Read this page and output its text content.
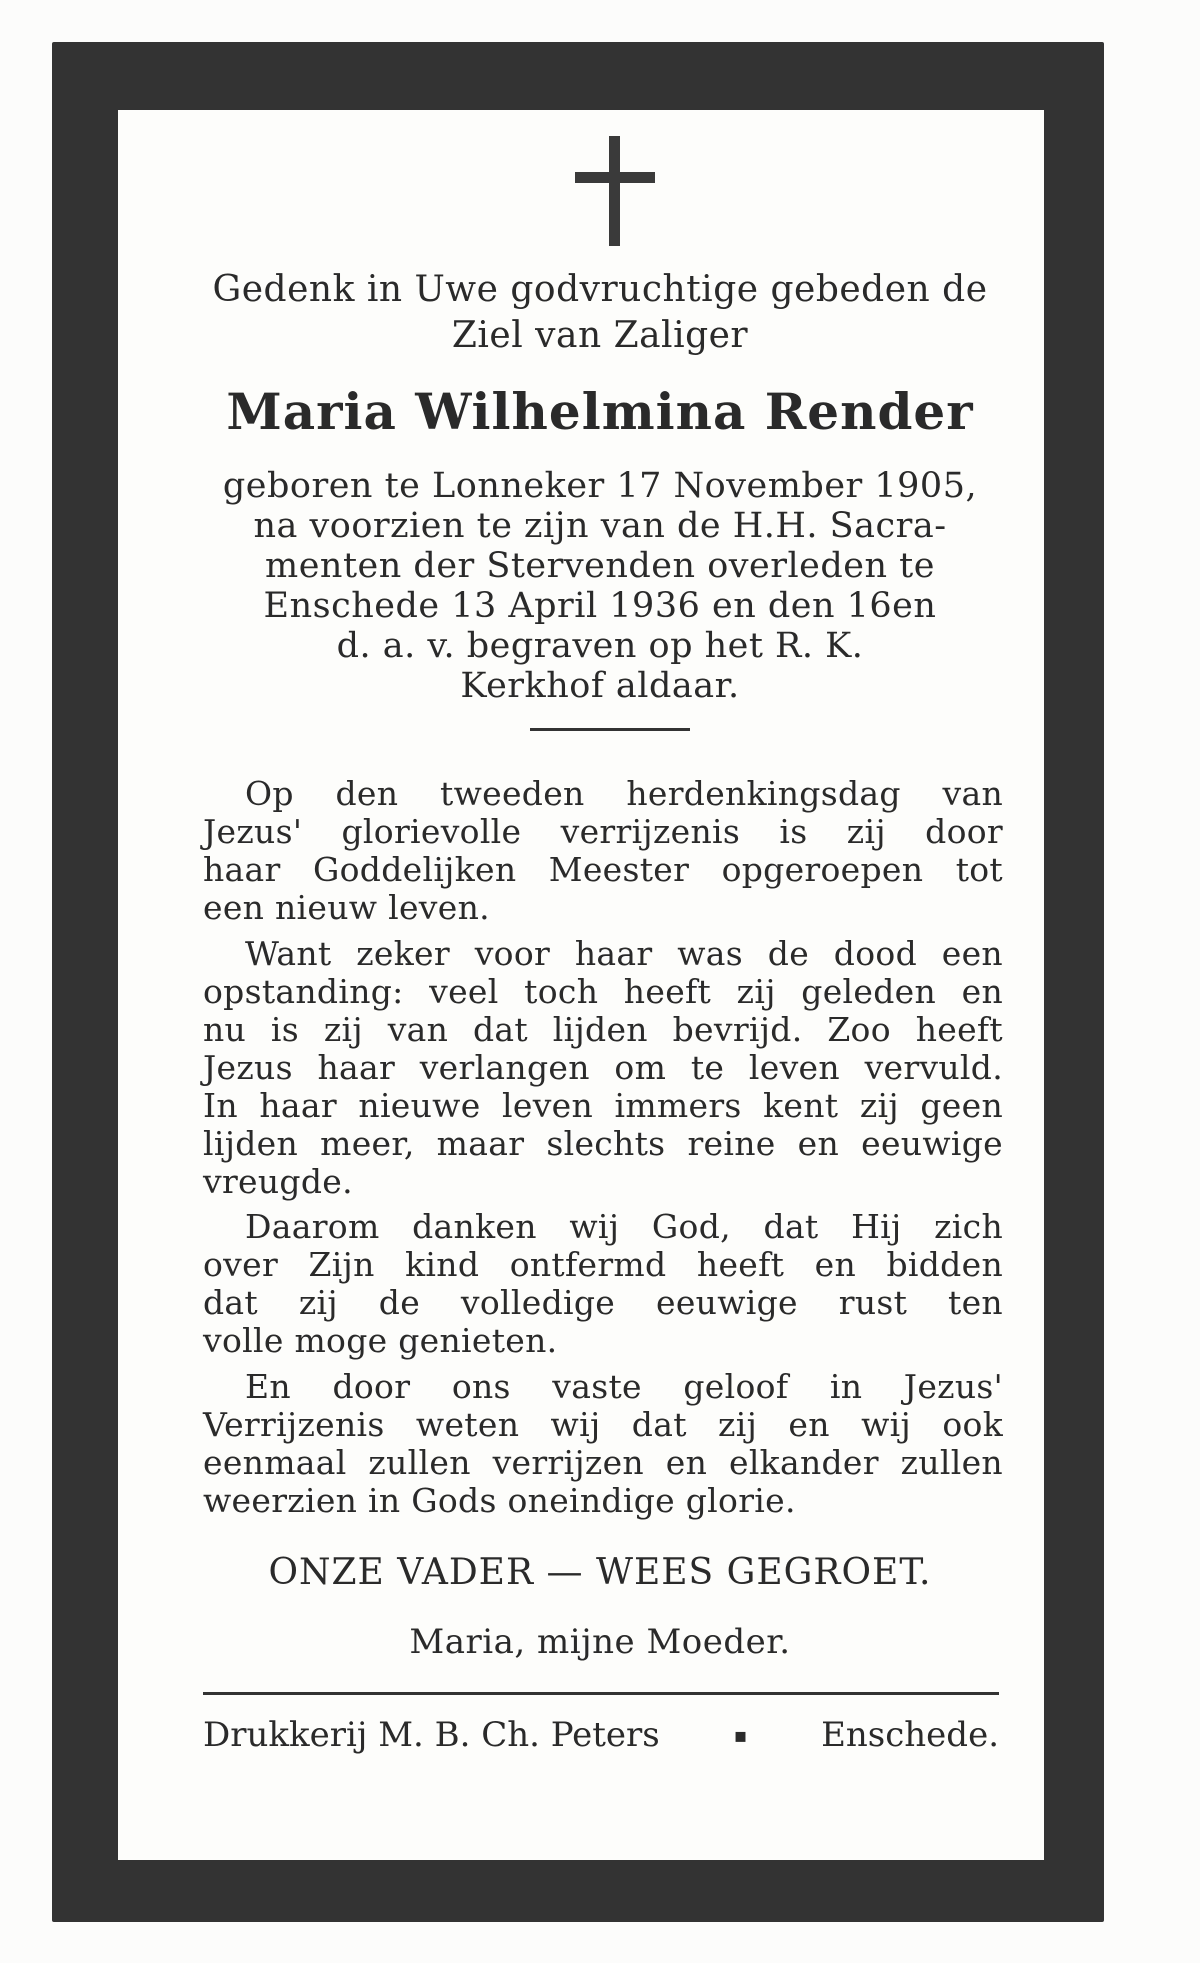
Gedenk in Uwe godvruchtige gebeden de
Ziel van Zaliger
Maria Wilhelmina Render
geboren te Lonneker 17 November 1905,
na voorzien te zijn van de H.H. Sacra-
menten der Stervenden overleden te
Enschede 13 April 1936 en den 16en
d. a. v. begraven op het R. K.
Kerkhof aldaar.
Op den tweeden herdenkingsdag van
Jezus' glorievolle verrijzenis is zij door
haar Goddelijken Meester opgeroepen tot
een nieuw leven.
Want zeker voor haar was de dood een
opstanding: veel toch heeft zij geleden en
nu is zij van dat lijden bevrijd. Zoo heeft
Jezus haar verlangen om te leven vervuld.
In haar nieuwe leven immers kent zij geen
lijden meer, maar slechts reine en eeuwige
vreugde.
Daarom danken wij God, dat Hij zich
over Zijn kind ontfermd heeft en bidden
dat zij de volledige eeuwige rust ten
volle moge genieten.
En door ons vaste geloof in Jezus'
Verrijzenis weten wij dat zij en wij ook
eenmaal zullen verrijzen en elkander zullen
weerzien in Gods oneindige glorie.
ONZE VADER — WEES GEGROET.
Maria, mijne Moeder.
Drukkerij M. B. Ch. Peters	▪ Enschede.
